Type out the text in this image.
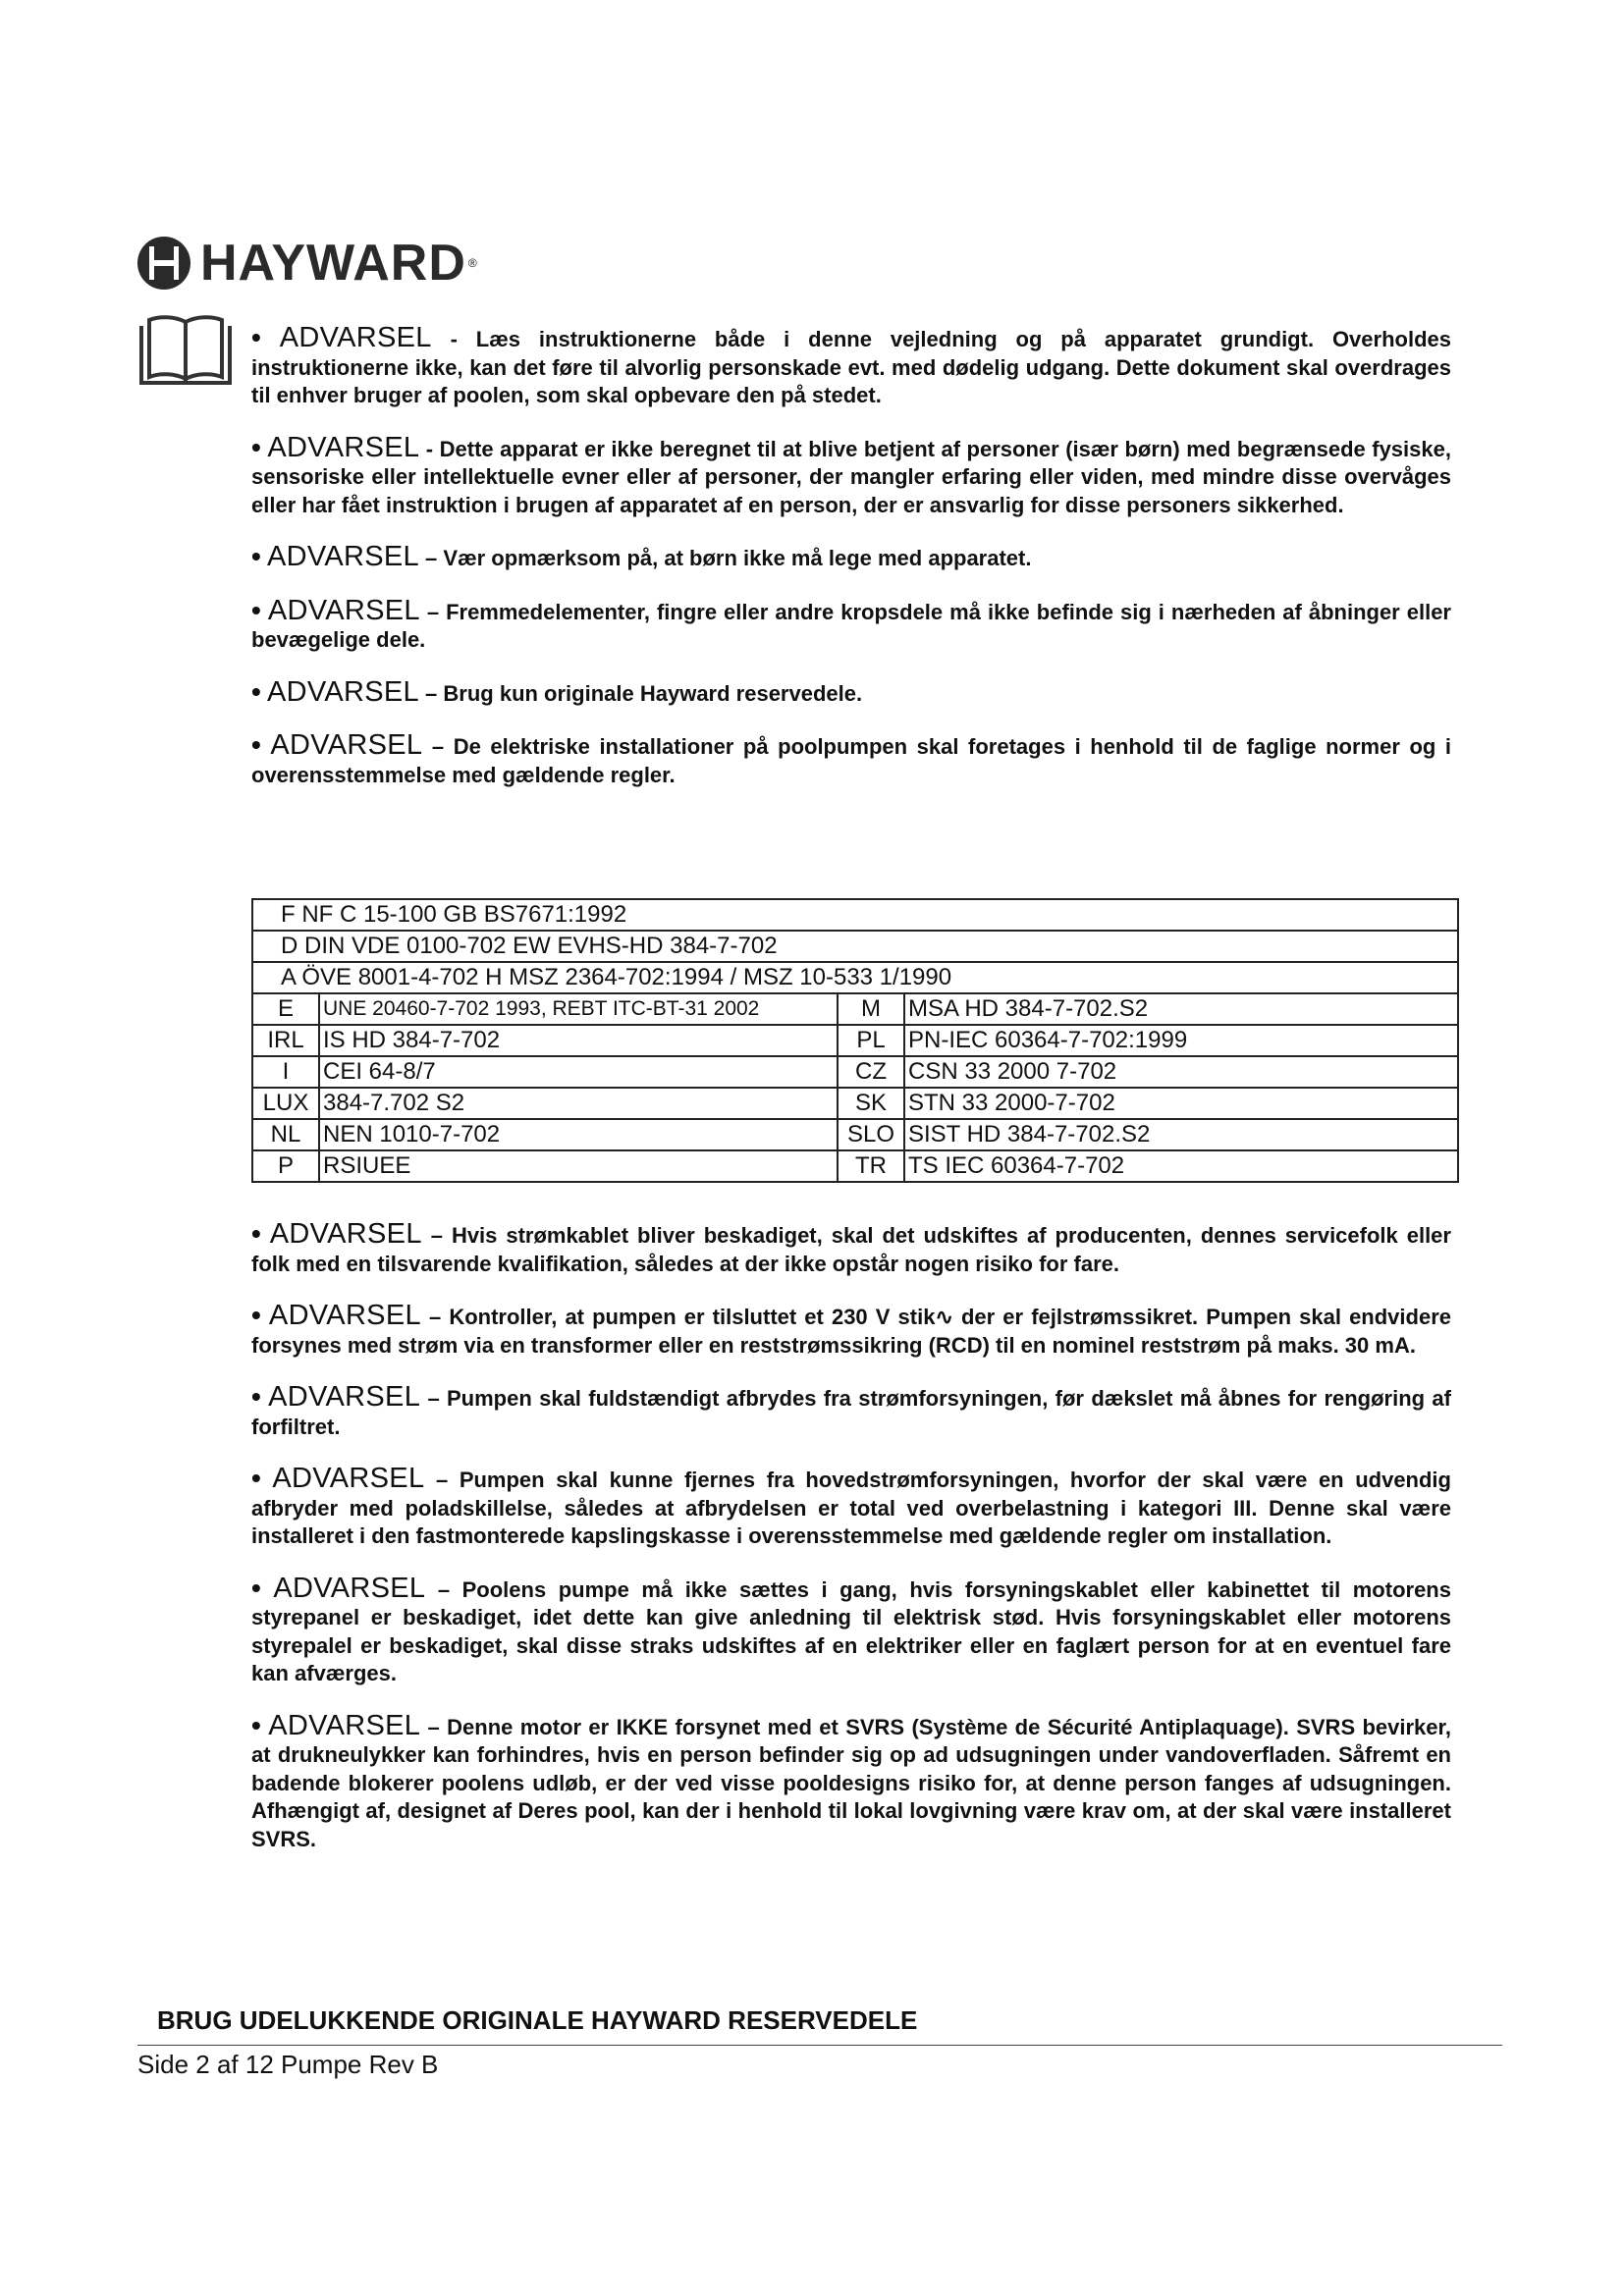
HAYWARD ®

• ADVARSEL - Læs instruktionerne både i denne vejledning og på apparatet grundigt. Overholdes instruktionerne ikke, kan det føre til alvorlig personskade evt. med dødelig udgang. Dette dokument skal overdrages til enhver bruger af poolen, som skal opbevare den på stedet.

• ADVARSEL - Dette apparat er ikke beregnet til at blive betjent af personer (især børn) med begrænsede fysiske, sensoriske eller intellektuelle evner eller af personer, der mangler erfaring eller viden, med mindre disse overvåges eller har fået instruktion i brugen af apparatet af en person, der er ansvarlig for disse personers sikkerhed.

• ADVARSEL – Vær opmærksom på, at børn ikke må lege med apparatet.

• ADVARSEL – Fremmedelementer, fingre eller andre kropsdele må ikke befinde sig i nærheden af åbninger eller bevægelige dele.

• ADVARSEL – Brug kun originale Hayward reservedele.

• ADVARSEL – De elektriske installationer på poolpumpen skal foretages i henhold til de faglige normer og i overensstemmelse med gældende regler.

F NF C 15-100 GB BS7671:1992			
D DIN VDE 0100-702 EW EVHS-HD 384-7-702			
A ÖVE 8001-4-702 H MSZ 2364-702:1994 / MSZ 10-533 1/1990			
E	UNE 20460-7-702 1993, REBT ITC-BT-31 2002	M	MSA HD 384-7-702.S2
IRL	IS HD 384-7-702	PL	PN-IEC 60364-7-702:1999
I	CEI 64-8/7	CZ	CSN 33 2000 7-702
LUX	384-7.702 S2	SK	STN 33 2000-7-702
NL	NEN 1010-7-702	SLO	SIST HD 384-7-702.S2
P	RSIUEE	TR	TS IEC 60364-7-702

• ADVARSEL – Hvis strømkablet bliver beskadiget, skal det udskiftes af producenten, dennes servicefolk eller folk med en tilsvarende kvalifikation, således at der ikke opstår nogen risiko for fare.

• ADVARSEL – Kontroller, at pumpen er tilsluttet et 230 V stik∿ der er fejlstrømssikret. Pumpen skal endvidere forsynes med strøm via en transformer eller en reststrømssikring (RCD) til en nominel reststrøm på maks. 30 mA.

• ADVARSEL – Pumpen skal fuldstændigt afbrydes fra strømforsyningen, før dækslet må åbnes for rengøring af forfiltret.

• ADVARSEL – Pumpen skal kunne fjernes fra hovedstrømforsyningen, hvorfor der skal være en udvendig afbryder med poladskillelse, således at afbrydelsen er total ved overbelastning i kategori III. Denne skal være installeret i den fastmonterede kapslingskasse i overensstemmelse med gældende regler om installation.

• ADVARSEL – Poolens pumpe må ikke sættes i gang, hvis forsyningskablet eller kabinettet til motorens styrepanel er beskadiget, idet dette kan give anledning til elektrisk stød. Hvis forsyningskablet eller motorens styrepalel er beskadiget, skal disse straks udskiftes af en elektriker eller en faglært person for at en eventuel fare kan afværges.

• ADVARSEL – Denne motor er IKKE forsynet med et SVRS (Système de Sécurité Antiplaquage). SVRS bevirker, at drukneulykker kan forhindres, hvis en person befinder sig op ad udsugningen under vandoverfladen. Såfremt en badende blokerer poolens udløb, er der ved visse pooldesigns risiko for, at denne person fanges af udsugningen. Afhængigt af, designet af Deres pool, kan der i henhold til lokal lovgivning være krav om, at der skal være installeret SVRS.

BRUG UDELUKKENDE ORIGINALE HAYWARD RESERVEDELE
Side 2 af 12 Pumpe Rev B
